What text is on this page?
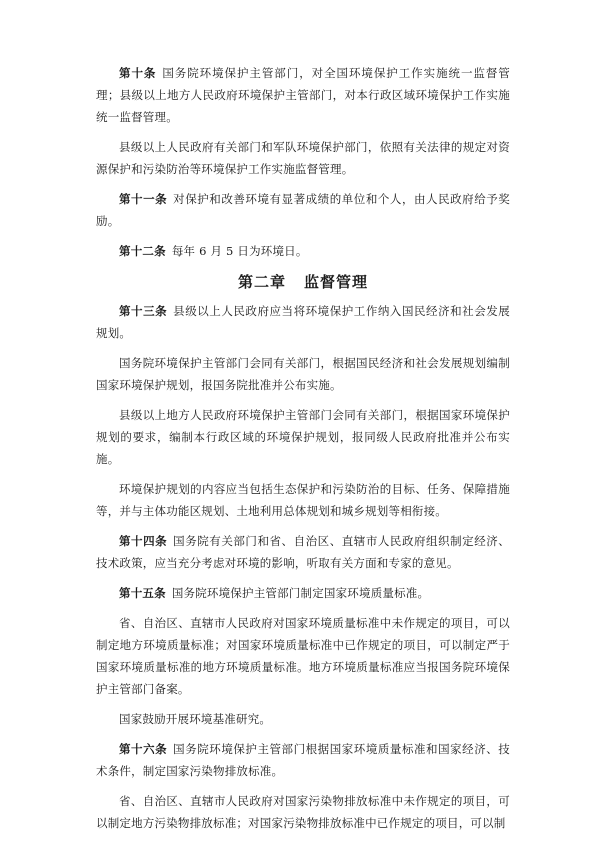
第十条 国务院环境保护主管部门，对全国环境保护工作实施统一监督管理；县级以上地方人民政府环境保护主管部门，对本行政区域环境保护工作实施统一监督管理。

县级以上人民政府有关部门和军队环境保护部门，依照有关法律的规定对资源保护和污染防治等环境保护工作实施监督管理。

第十一条 对保护和改善环境有显著成绩的单位和个人，由人民政府给予奖励。

第十二条 每年 6 月 5 日为环境日。

第二章 监督管理

第十三条 县级以上人民政府应当将环境保护工作纳入国民经济和社会发展规划。

国务院环境保护主管部门会同有关部门，根据国民经济和社会发展规划编制国家环境保护规划，报国务院批准并公布实施。

县级以上地方人民政府环境保护主管部门会同有关部门，根据国家环境保护规划的要求，编制本行政区域的环境保护规划，报同级人民政府批准并公布实施。

环境保护规划的内容应当包括生态保护和污染防治的目标、任务、保障措施等，并与主体功能区规划、土地利用总体规划和城乡规划等相衔接。

第十四条 国务院有关部门和省、自治区、直辖市人民政府组织制定经济、技术政策，应当充分考虑对环境的影响，听取有关方面和专家的意见。

第十五条 国务院环境保护主管部门制定国家环境质量标准。

省、自治区、直辖市人民政府对国家环境质量标准中未作规定的项目，可以制定地方环境质量标准；对国家环境质量标准中已作规定的项目，可以制定严于国家环境质量标准的地方环境质量标准。地方环境质量标准应当报国务院环境保护主管部门备案。

国家鼓励开展环境基准研究。

第十六条 国务院环境保护主管部门根据国家环境质量标准和国家经济、技术条件，制定国家污染物排放标准。

省、自治区、直辖市人民政府对国家污染物排放标准中未作规定的项目，可以制定地方污染物排放标准；对国家污染物排放标准中已作规定的项目，可以制
